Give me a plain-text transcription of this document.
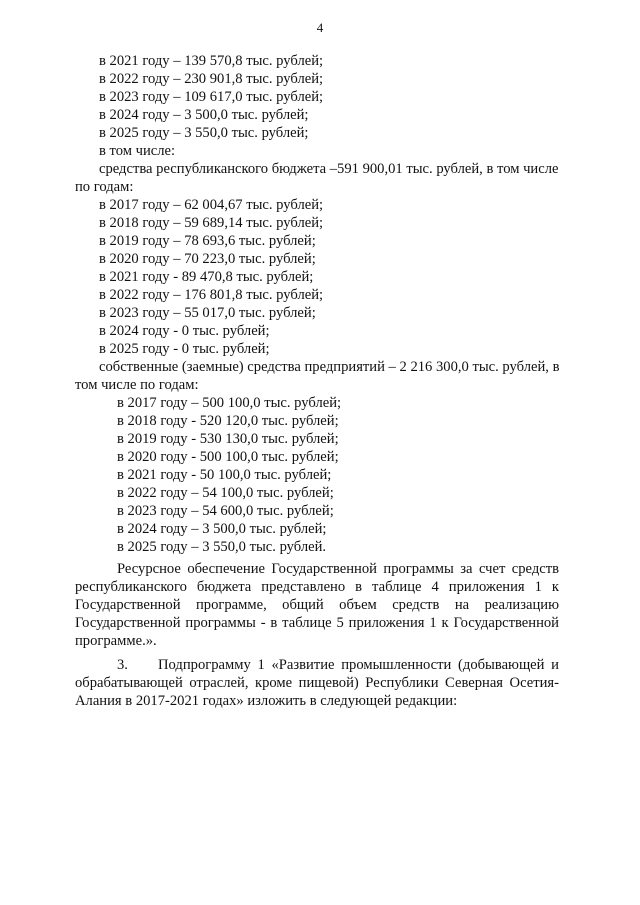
4
в 2021 году – 139 570,8 тыс. рублей;
в 2022 году – 230 901,8 тыс. рублей;
в 2023 году – 109 617,0 тыс. рублей;
в 2024 году – 3 500,0 тыс. рублей;
в 2025 году – 3 550,0 тыс. рублей;
в том числе:
средства республиканского бюджета –591 900,01 тыс. рублей, в том числе
по годам:
в 2017 году – 62 004,67 тыс. рублей;
в 2018 году – 59 689,14 тыс. рублей;
в 2019 году – 78 693,6 тыс. рублей;
в 2020 году – 70 223,0 тыс. рублей;
в 2021 году - 89 470,8 тыс. рублей;
в 2022 году – 176 801,8 тыс. рублей;
в 2023 году – 55 017,0 тыс. рублей;
в 2024 году - 0 тыс. рублей;
в 2025 году - 0 тыс. рублей;
собственные (заемные) средства предприятий – 2 216 300,0 тыс. рублей, в
том числе по годам:
в 2017 году – 500 100,0 тыс. рублей;
в 2018 году - 520 120,0 тыс. рублей;
в 2019 году - 530 130,0 тыс. рублей;
в 2020 году - 500 100,0 тыс. рублей;
в 2021 году - 50 100,0 тыс. рублей;
в 2022 году – 54 100,0 тыс. рублей;
в 2023 году – 54 600,0 тыс. рублей;
в 2024 году – 3 500,0 тыс. рублей;
в 2025 году – 3 550,0 тыс. рублей.
Ресурсное обеспечение Государственной программы за счет средств
республиканского бюджета представлено в таблице 4 приложения 1 к
Государственной программе, общий объем средств на реализацию
Государственной программы - в таблице 5 приложения 1 к Государственной
программе.».
3. Подпрограмму 1 «Развитие промышленности (добывающей и
обрабатывающей отраслей, кроме пищевой) Республики Северная Осетия-
Алания в 2017-2021 годах» изложить в следующей редакции:
